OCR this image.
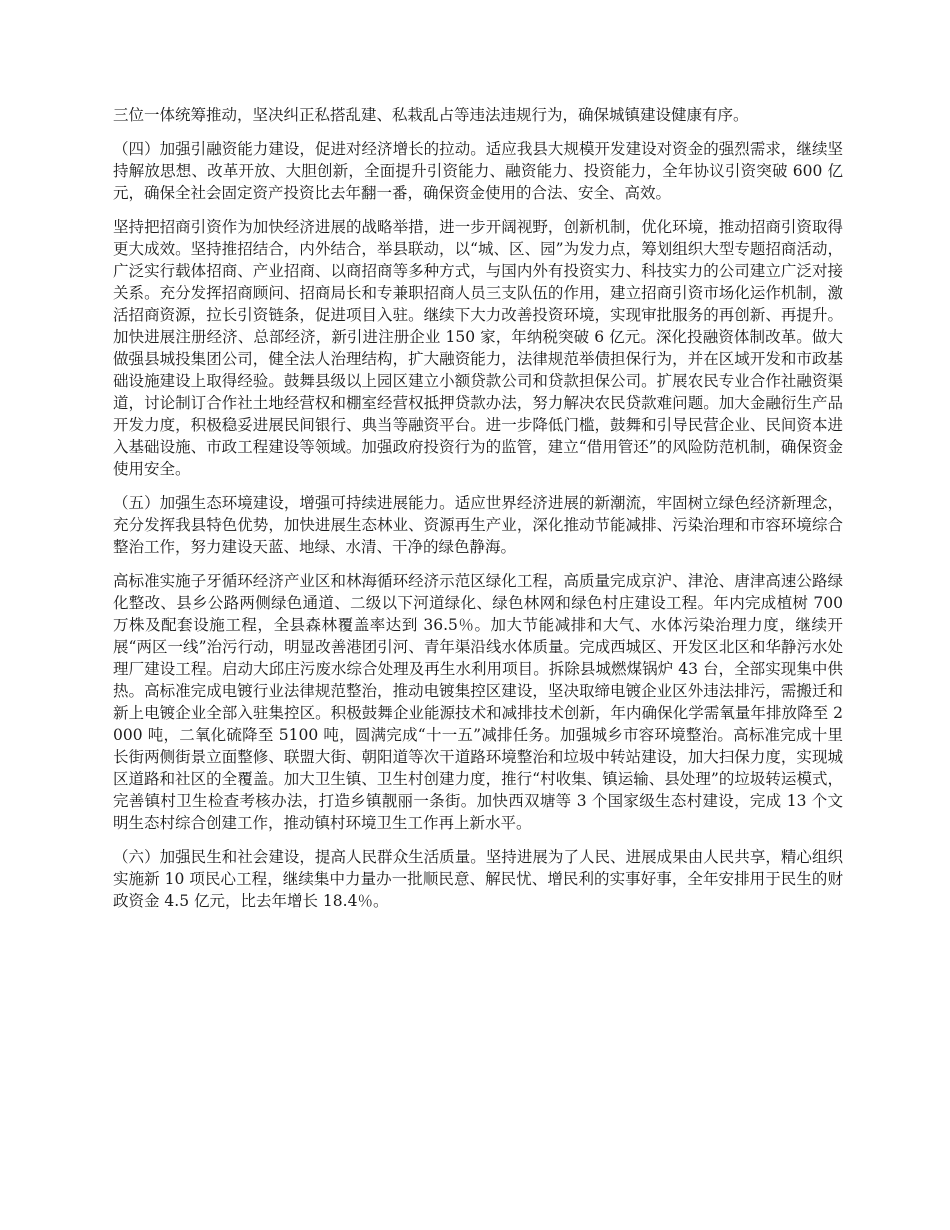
三位一体统筹推动，坚决纠正私搭乱建、私栽乱占等违法违规行为，确保城镇建设健康有序。

（四）加强引融资能力建设，促进对经济增长的拉动。适应我县大规模开发建设对资金的强烈需求，继续坚持解放思想、改革开放、大胆创新，全面提升引资能力、融资能力、投资能力，全年协议引资突破 600 亿元，确保全社会固定资产投资比去年翻一番，确保资金使用的合法、安全、高效。

坚持把招商引资作为加快经济进展的战略举措，进一步开阔视野，创新机制，优化环境，推动招商引资取得更大成效。坚持推招结合，内外结合，举县联动，以“城、区、园”为发力点，筹划组织大型专题招商活动，广泛实行载体招商、产业招商、以商招商等多种方式，与国内外有投资实力、科技实力的公司建立广泛对接关系。充分发挥招商顾问、招商局长和专兼职招商人员三支队伍的作用，建立招商引资市场化运作机制，激活招商资源，拉长引资链条，促进项目入驻。继续下大力改善投资环境，实现审批服务的再创新、再提升。加快进展注册经济、总部经济，新引进注册企业 150 家，年纳税突破 6 亿元。深化投融资体制改革。做大做强县城投集团公司，健全法人治理结构，扩大融资能力，法律规范举债担保行为，并在区域开发和市政基础设施建设上取得经验。鼓舞县级以上园区建立小额贷款公司和贷款担保公司。扩展农民专业合作社融资渠道，讨论制订合作社土地经营权和棚室经营权抵押贷款办法，努力解决农民贷款难问题。加大金融衍生产品开发力度，积极稳妥进展民间银行、典当等融资平台。进一步降低门槛，鼓舞和引导民营企业、民间资本进入基础设施、市政工程建设等领域。加强政府投资行为的监管，建立“借用管还”的风险防范机制，确保资金使用安全。

（五）加强生态环境建设，增强可持续进展能力。适应世界经济进展的新潮流，牢固树立绿色经济新理念，充分发挥我县特色优势，加快进展生态林业、资源再生产业，深化推动节能减排、污染治理和市容环境综合整治工作，努力建设天蓝、地绿、水清、干净的绿色静海。

高标准实施子牙循环经济产业区和林海循环经济示范区绿化工程，高质量完成京沪、津沧、唐津高速公路绿化整改、县乡公路两侧绿色通道、二级以下河道绿化、绿色林网和绿色村庄建设工程。年内完成植树 700 万株及配套设施工程，全县森林覆盖率达到 36.5％。加大节能减排和大气、水体污染治理力度，继续开展“两区一线”治污行动，明显改善港团引河、青年渠沿线水体质量。完成西城区、开发区北区和华静污水处理厂建设工程。启动大邱庄污废水综合处理及再生水利用项目。拆除县城燃煤锅炉 43 台，全部实现集中供热。高标准完成电镀行业法律规范整治，推动电镀集控区建设，坚决取缔电镀企业区外违法排污，需搬迁和新上电镀企业全部入驻集控区。积极鼓舞企业能源技术和减排技术创新，年内确保化学需氧量年排放降至 2000 吨，二氧化硫降至 5100 吨，圆满完成“十一五”减排任务。加强城乡市容环境整治。高标准完成十里长街两侧街景立面整修、联盟大街、朝阳道等次干道路环境整治和垃圾中转站建设，加大扫保力度，实现城区道路和社区的全覆盖。加大卫生镇、卫生村创建力度，推行“村收集、镇运输、县处理”的垃圾转运模式，完善镇村卫生检查考核办法，打造乡镇靓丽一条街。加快西双塘等 3 个国家级生态村建设，完成 13 个文明生态村综合创建工作，推动镇村环境卫生工作再上新水平。

（六）加强民生和社会建设，提高人民群众生活质量。坚持进展为了人民、进展成果由人民共享，精心组织实施新 10 项民心工程，继续集中力量办一批顺民意、解民忧、增民利的实事好事，全年安排用于民生的财政资金 4.5 亿元，比去年增长 18.4％。
